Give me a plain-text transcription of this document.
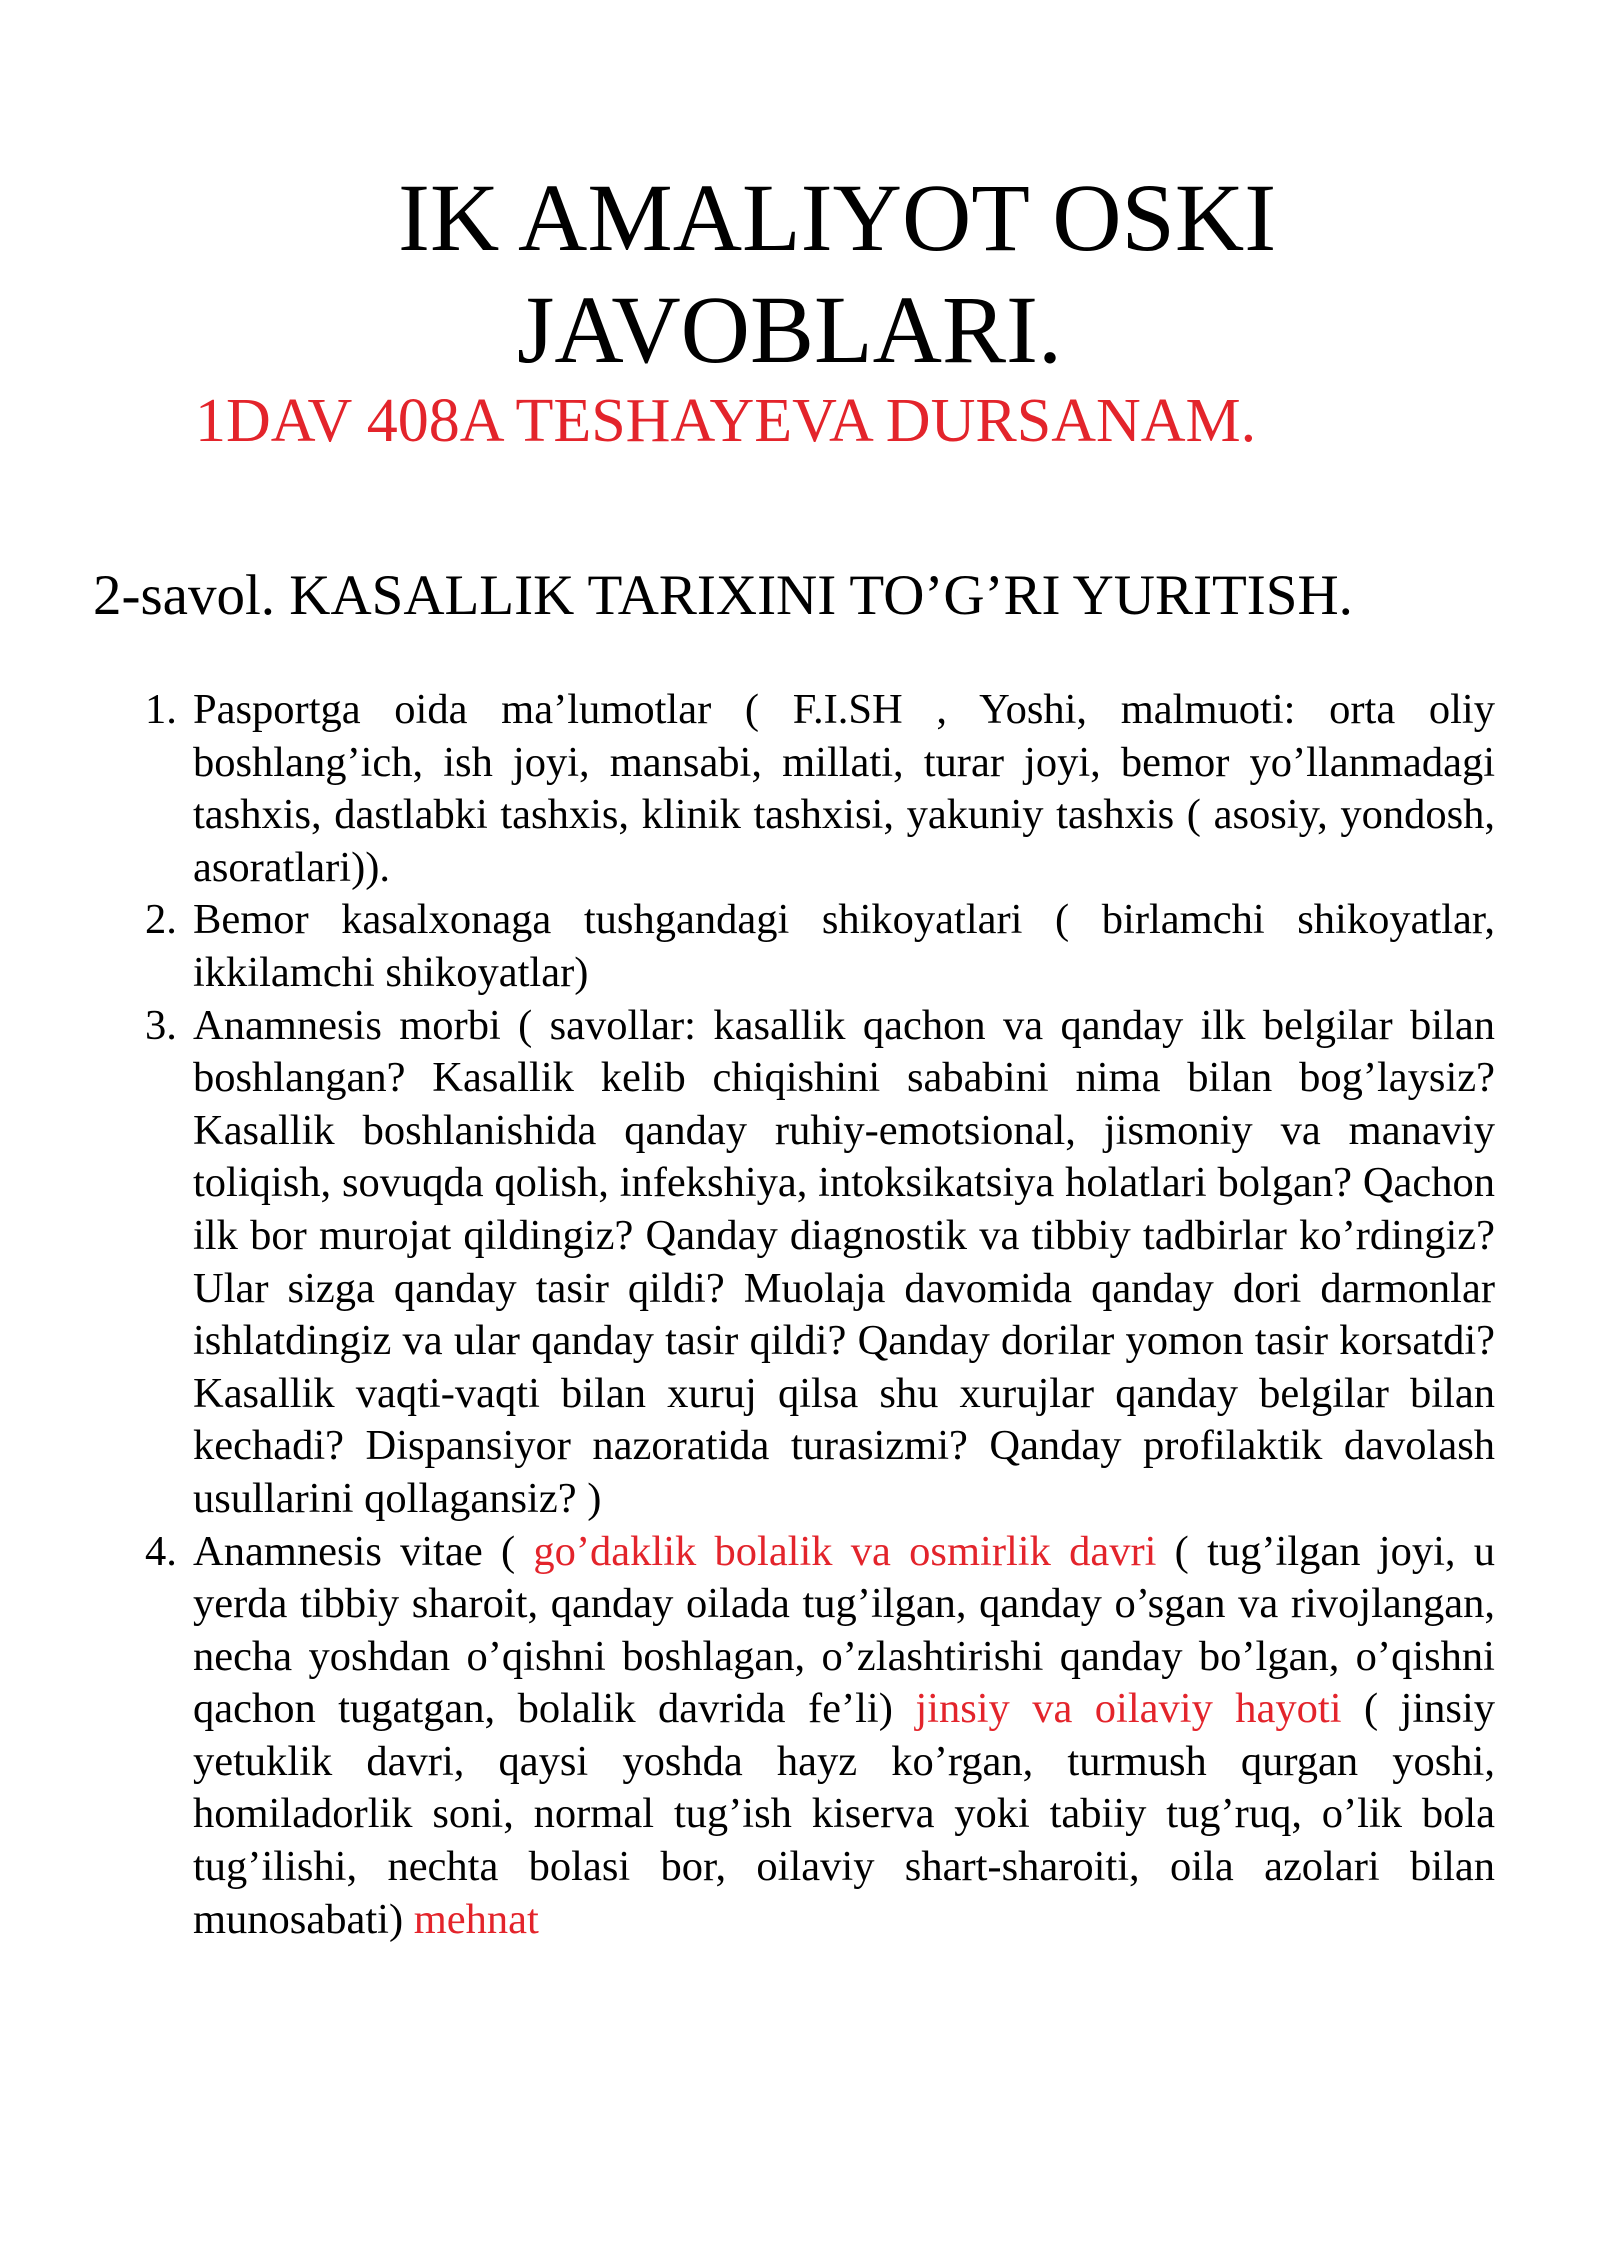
IK AMALIYOT OSKI
JAVOBLARI.
1DAV 408A TESHAYEVA DURSANAM.
2-savol. KASALLIK TARIXINI TO’G’RI YURITISH.
1. Pasportga oida ma’lumotlar ( F.I.SH , Yoshi, malmuoti: orta oliy boshlang’ich, ish joyi, mansabi, millati, turar joyi, bemor yo’llanmadagi tashxis, dastlabki tashxis, klinik tashxisi, yakuniy tashxis ( asosiy, yondosh, asoratlari)).
2. Bemor kasalxonaga tushgandagi shikoyatlari ( birlamchi shikoyatlar, ikkilamchi shikoyatlar)
3. Anamnesis morbi ( savollar: kasallik qachon va qanday ilk belgilar bilan boshlangan? Kasallik kelib chiqishini sababini nima bilan bog’laysiz? Kasallik boshlanishida qanday ruhiy-emotsional, jismoniy va manaviy toliqish, sovuqda qolish, infekshiya, intoksikatsiya holatlari bolgan? Qachon ilk bor murojat qildingiz? Qanday diagnostik va tibbiy tadbirlar ko’rdingiz? Ular sizga qanday tasir qildi? Muolaja davomida qanday dori darmonlar ishlatdingiz va ular qanday tasir qildi? Qanday dorilar yomon tasir korsatdi? Kasallik vaqti-vaqti bilan xuruj qilsa shu xurujlar qanday belgilar bilan kechadi? Dispansiyor nazoratida turasizmi? Qanday profilaktik davolash usullarini qollagansiz? )
4. Anamnesis vitae ( go’daklik bolalik va osmirlik davri ( tug’ilgan joyi, u yerda tibbiy sharoit, qanday oilada tug’ilgan, qanday o’sgan va rivojlangan, necha yoshdan o’qishni boshlagan, o’zlashtirishi qanday bo’lgan, o’qishni qachon tugatgan, bolalik davrida fe’li) jinsiy va oilaviy hayoti ( jinsiy yetuklik davri, qaysi yoshda hayz ko’rgan, turmush qurgan yoshi, homiladorlik soni, normal tug’ish kiserva yoki tabiiy tug’ruq, o’lik bola tug’ilishi, nechta bolasi bor, oilaviy shart-sharoiti, oila azolari bilan munosabati) mehnat
